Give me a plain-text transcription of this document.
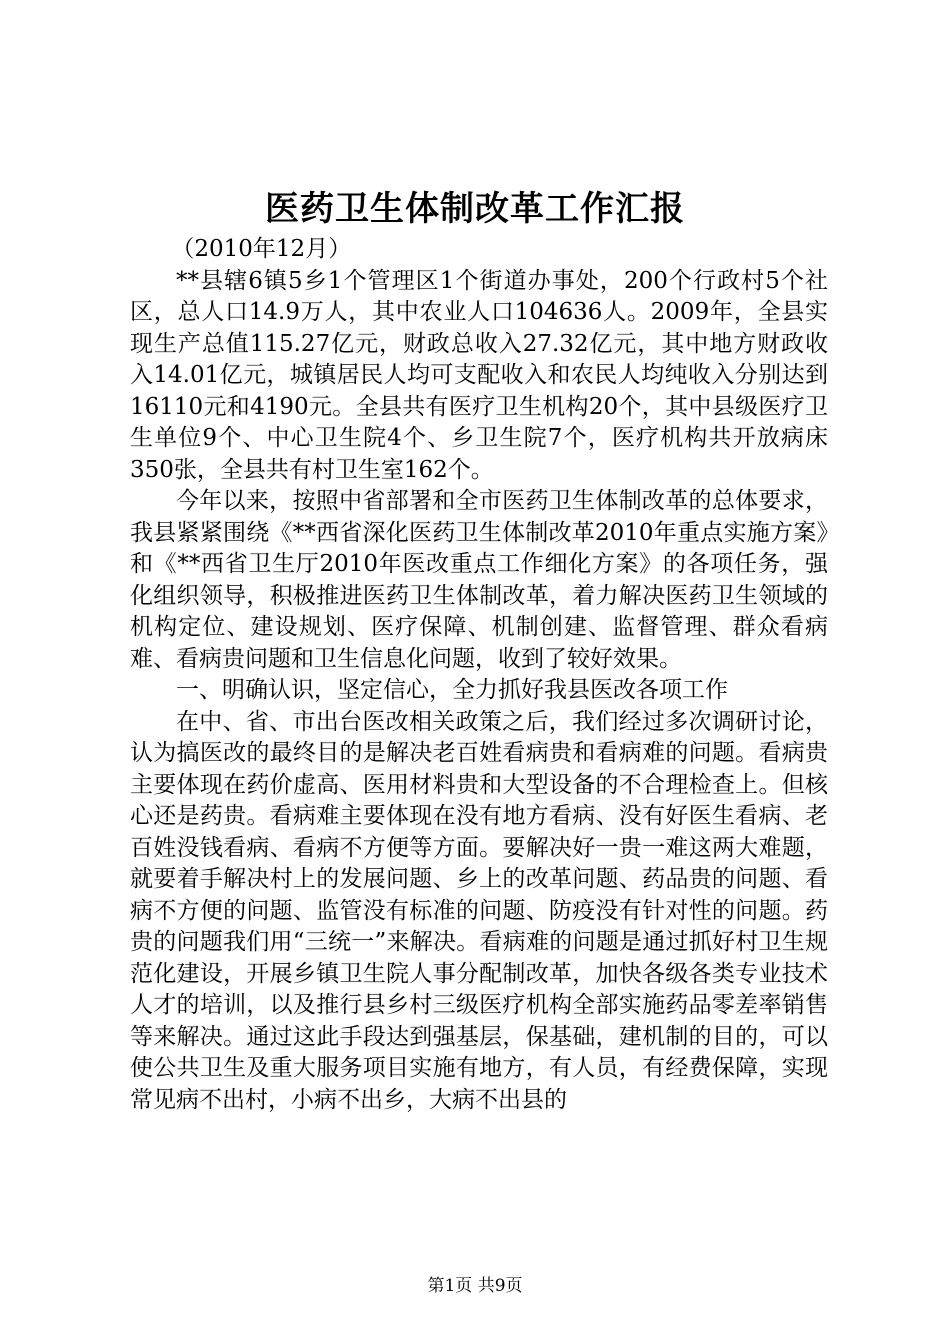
医药卫生体制改革工作汇报

（2010年12月）

**县辖6镇5乡1个管理区1个街道办事处，200个行政村5个社区，总人口14.9万人，其中农业人口104636人。2009年，全县实现生产总值115.27亿元，财政总收入27.32亿元，其中地方财政收入14.01亿元，城镇居民人均可支配收入和农民人均纯收入分别达到16110元和4190元。全县共有医疗卫生机构20个，其中县级医疗卫生单位9个、中心卫生院4个、乡卫生院7个，医疗机构共开放病床350张，全县共有村卫生室162个。

今年以来，按照中省部署和全市医药卫生体制改革的总体要求，我县紧紧围绕《**西省深化医药卫生体制改革2010年重点实施方案》和《**西省卫生厅2010年医改重点工作细化方案》的各项任务，强化组织领导，积极推进医药卫生体制改革，着力解决医药卫生领域的机构定位、建设规划、医疗保障、机制创建、监督管理、群众看病难、看病贵问题和卫生信息化问题，收到了较好效果。

一、明确认识，坚定信心，全力抓好我县医改各项工作

在中、省、市出台医改相关政策之后，我们经过多次调研讨论，认为搞医改的最终目的是解决老百姓看病贵和看病难的问题。看病贵主要体现在药价虚高、医用材料贵和大型设备的不合理检查上。但核心还是药贵。看病难主要体现在没有地方看病、没有好医生看病、老百姓没钱看病、看病不方便等方面。要解决好一贵一难这两大难题，就要着手解决村上的发展问题、乡上的改革问题、药品贵的问题、看病不方便的问题、监管没有标准的问题、防疫没有针对性的问题。药贵的问题我们用“三统一”来解决。看病难的问题是通过抓好村卫生规范化建设，开展乡镇卫生院人事分配制改革，加快各级各类专业技术人才的培训，以及推行县乡村三级医疗机构全部实施药品零差率销售等来解决。通过这此手段达到强基层，保基础，建机制的目的，可以使公共卫生及重大服务项目实施有地方，有人员，有经费保障，实现常见病不出村，小病不出乡，大病不出县的

第1页 共9页
